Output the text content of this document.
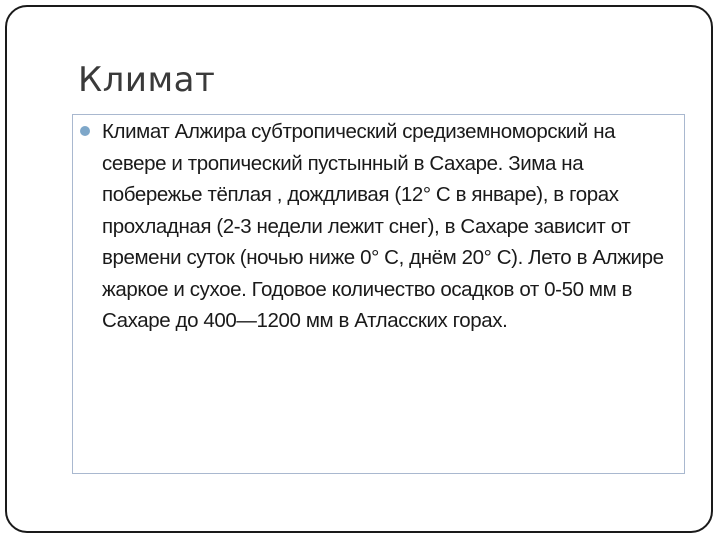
Климат

Климат Алжира субтропический средиземноморский на севере и тропический пустынный в Сахаре. Зима на побережье тёплая , дождливая (12° C в январе), в горах прохладная (2-3 недели лежит снег), в Сахаре зависит от времени суток (ночью ниже 0° C, днём 20° C). Лето в Алжире жаркое и сухое. Годовое количество осадков от 0-50 мм в Сахаре до 400—1200 мм в Атласских горах.
